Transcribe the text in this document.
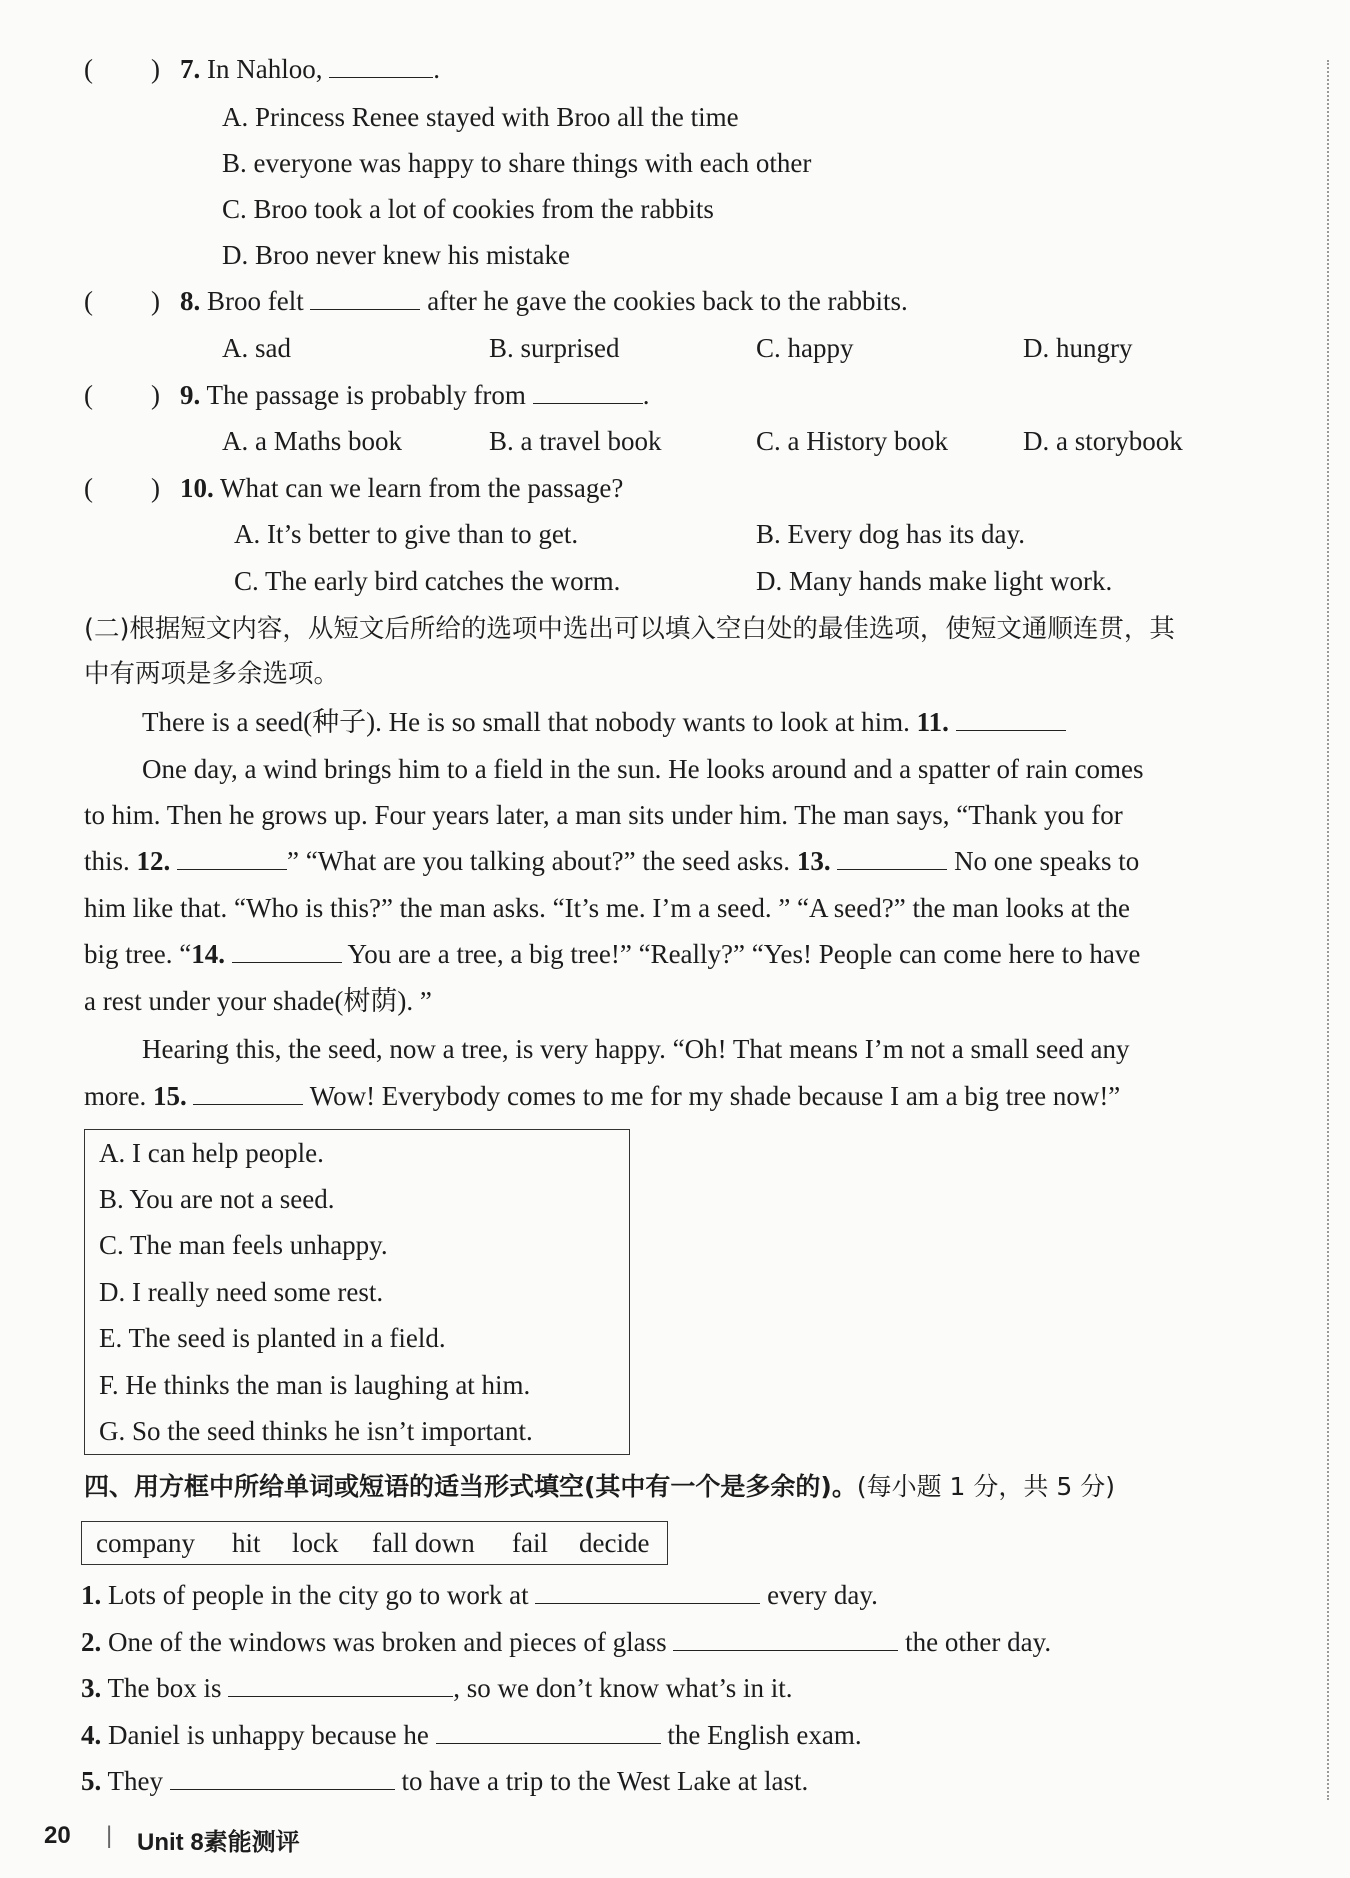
( ) 7. In Nahloo,	.
A. Princess Renee stayed with Broo all the time
B. everyone was happy to share things with each other
C. Broo took a lot of cookies from the rabbits
D. Broo never knew his mistake
( ) 8. Broo felt	after he gave the cookies back to the rabbits.
A. sad	B. surprised	C. happy	D. hungry
( ) 9. The passage is probably from	.
A. a Maths book	B. a travel book	C. a History book	D. a storybook
( ) 10. What can we learn from the passage?
A. It’s better to give than to get.	B. Every dog has its day.
C. The early bird catches the worm.	D. Many hands make light work.
(二)根据短文内容，从短文后所给的选项中选出可以填入空白处的最佳选项，使短文通顺连贯，其
中有两项是多余选项。
There is a seed(种子). He is so small that nobody wants to look at him. 11.
One day, a wind brings him to a field in the sun. He looks around and a spatter of rain comes
to him. Then he grows up. Four years later, a man sits under him. The man says, “Thank you for
this. 12.	” “What are you talking about?” the seed asks. 13.	No one speaks to
him like that. “Who is this?” the man asks. “It’s me. I’m a seed. ” “A seed?” the man looks at the
big tree. “14.	You are a tree, a big tree!” “Really?” “Yes! People can come here to have
a rest under your shade(树荫). ”
Hearing this, the seed, now a tree, is very happy. “Oh! That means I’m not a small seed any
more. 15.	Wow! Everybody comes to me for my shade because I am a big tree now!”
A. I can help people.
B. You are not a seed.
C. The man feels unhappy.
D. I really need some rest.
E. The seed is planted in a field.
F. He thinks the man is laughing at him.
G. So the seed thinks he isn’t important.
四、用方框中所给单词或短语的适当形式填空(其中有一个是多余的)。(每小题 1 分，共 5 分)
company hit lock fall down fail decide
1. Lots of people in the city go to work at	every day.
2. One of the windows was broken and pieces of glass	the other day.
3. The box is	, so we don’t know what’s in it.
4. Daniel is unhappy because he	the English exam.
5. They	to have a trip to the West Lake at last.
20 | Unit 8素能测评
